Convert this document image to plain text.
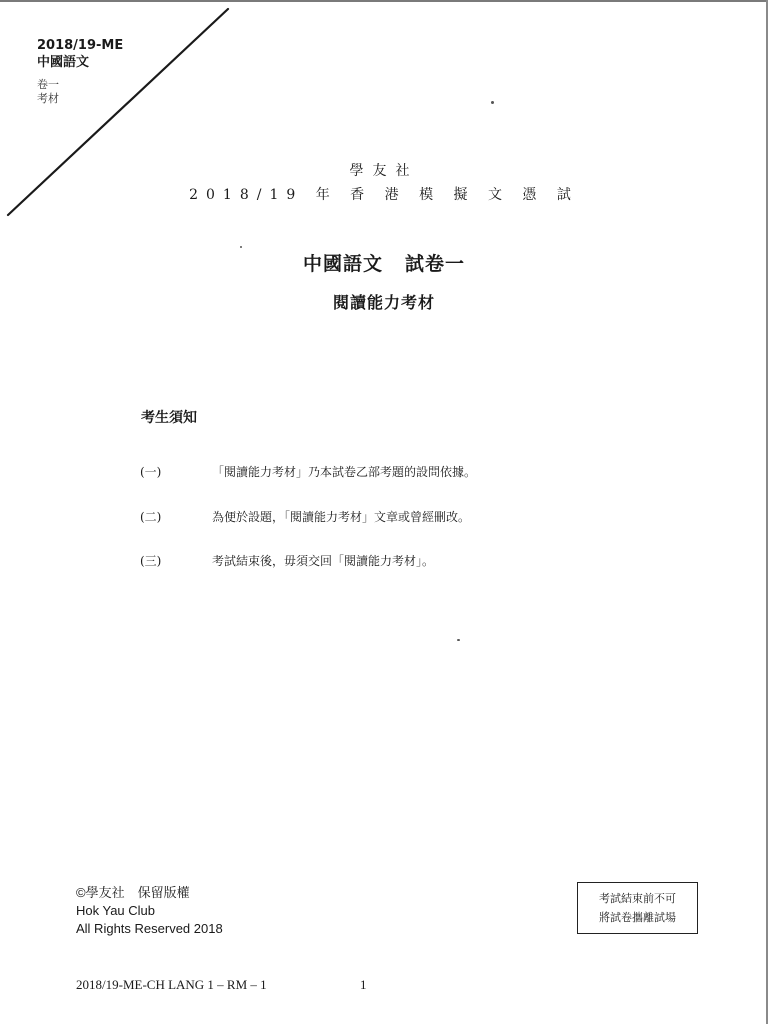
2018/19-ME
中國語文
卷一
考材
學友社
2018/19 年 香 港 模 擬 文 憑 試
中國語文 試卷一
閱讀能力考材
考生須知
(一)	「閱讀能力考材」乃本試卷乙部考題的設問依據。
(二)	為便於設題，「閱讀能力考材」文章或曾經刪改。
(三)	考試結束後，毋須交回「閱讀能力考材」。
©學友社　保留版權
Hok Yau Club
All Rights Reserved 2018
考試結束前不可
將試卷攜離試場
2018/19-ME-CH LANG 1 – RM – 1	1
